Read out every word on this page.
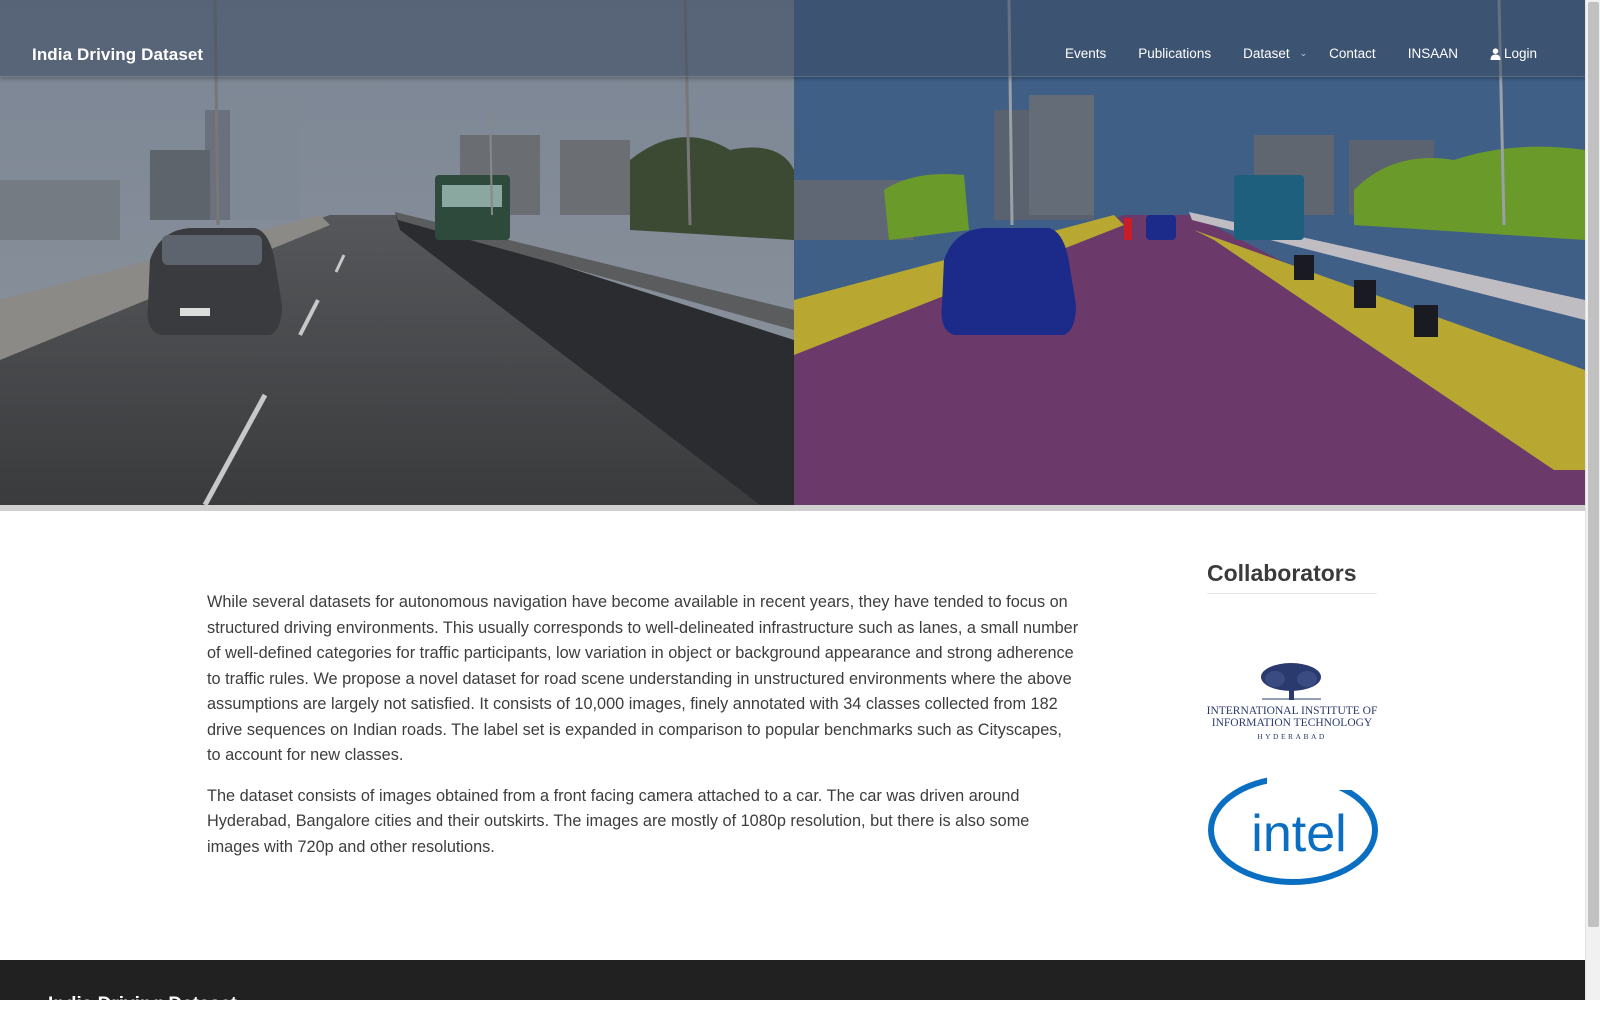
India Driving Dataset	Events Publications Dataset ⌄ Contact INSAAN	Login

While several datasets for autonomous navigation have become available in recent years, they have tended to focus on structured driving environments. This usually corresponds to well-delineated infrastructure such as lanes, a small number of well-defined categories for traffic participants, low variation in object or background appearance and strong adherence to traffic rules. We propose a novel dataset for road scene understanding in unstructured environments where the above assumptions are largely not satisfied. It consists of 10,000 images, finely annotated with 34 classes collected from 182 drive sequences on Indian roads. The label set is expanded in comparison to popular benchmarks such as Cityscapes, to account for new classes.

The dataset consists of images obtained from a front facing camera attached to a car. The car was driven around Hyderabad, Bangalore cities and their outskirts. The images are mostly of 1080p resolution, but there is also some images with 720p and other resolutions.

Collaborators
INTERNATIONAL INSTITUTE OF
INFORMATION TECHNOLOGY
HYDERABAD
intel
India Driving Dataset
